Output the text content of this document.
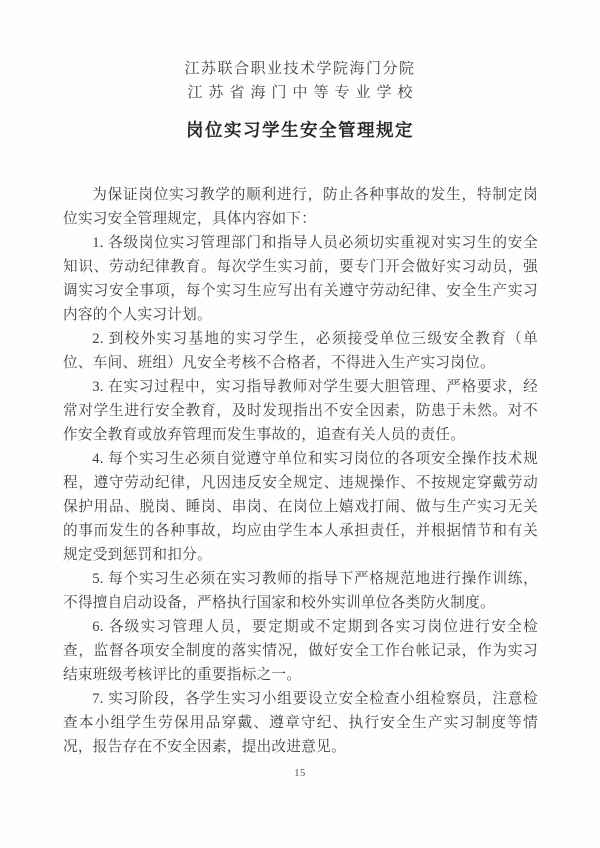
江苏联合职业技术学院海门分院
江苏省海门中等专业学校
岗位实习学生安全管理规定

为保证岗位实习教学的顺利进行，防止各种事故的发生，特制定岗位实习安全管理规定，具体内容如下：

1. 各级岗位实习管理部门和指导人员必须切实重视对实习生的安全知识、劳动纪律教育。每次学生实习前，要专门开会做好实习动员，强调实习安全事项，每个实习生应写出有关遵守劳动纪律、安全生产实习内容的个人实习计划。

2. 到校外实习基地的实习学生，必须接受单位三级安全教育（单位、车间、班组）凡安全考核不合格者，不得进入生产实习岗位。

3. 在实习过程中，实习指导教师对学生要大胆管理、严格要求，经常对学生进行安全教育，及时发现指出不安全因素，防患于未然。对不作安全教育或放弃管理而发生事故的，追查有关人员的责任。

4. 每个实习生必须自觉遵守单位和实习岗位的各项安全操作技术规程，遵守劳动纪律，凡因违反安全规定、违规操作、不按规定穿戴劳动保护用品、脱岗、睡岗、串岗、在岗位上嬉戏打闹、做与生产实习无关的事而发生的各种事故，均应由学生本人承担责任，并根据情节和有关规定受到惩罚和扣分。

5. 每个实习生必须在实习教师的指导下严格规范地进行操作训练，不得擅自启动设备，严格执行国家和校外实训单位各类防火制度。

6. 各级实习管理人员，要定期或不定期到各实习岗位进行安全检查，监督各项安全制度的落实情况，做好安全工作台帐记录，作为实习结束班级考核评比的重要指标之一。

7. 实习阶段，各学生实习小组要设立安全检查小组检察员，注意检查本小组学生劳保用品穿戴、遵章守纪、执行安全生产实习制度等情况，报告存在不安全因素，提出改进意见。

15
